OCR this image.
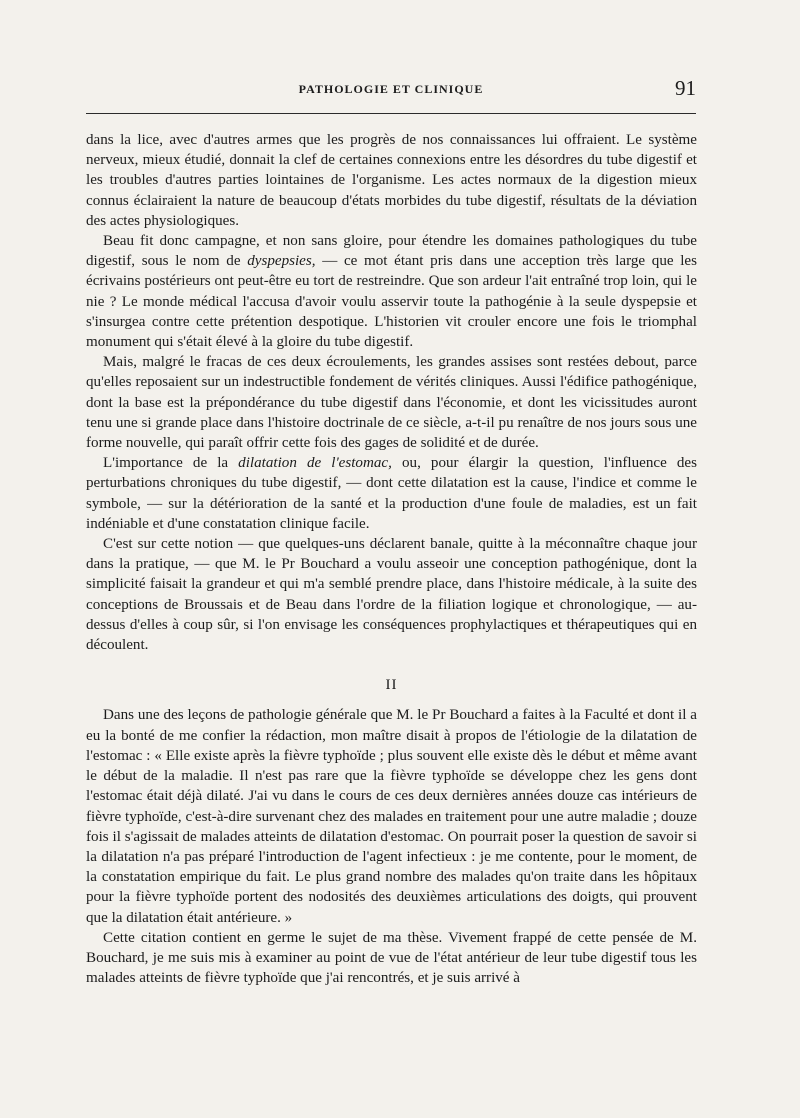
PATHOLOGIE ET CLINIQUE	91

dans la lice, avec d'autres armes que les progrès de nos connaissances lui offraient. Le système nerveux, mieux étudié, donnait la clef de certaines connexions entre les désordres du tube digestif et les troubles d'autres parties lointaines de l'organisme. Les actes normaux de la digestion mieux connus éclairaient la nature de beaucoup d'états morbides du tube digestif, résultats de la déviation des actes physiologiques.

Beau fit donc campagne, et non sans gloire, pour étendre les domaines pathologiques du tube digestif, sous le nom de dyspepsies, — ce mot étant pris dans une acception très large que les écrivains postérieurs ont peut-être eu tort de restreindre. Que son ardeur l'ait entraîné trop loin, qui le nie ? Le monde médical l'accusa d'avoir voulu asservir toute la pathogénie à la seule dyspepsie et s'insurgea contre cette prétention despotique. L'historien vit crouler encore une fois le triomphal monument qui s'était élevé à la gloire du tube digestif.

Mais, malgré le fracas de ces deux écroulements, les grandes assises sont restées debout, parce qu'elles reposaient sur un indestructible fondement de vérités cliniques. Aussi l'édifice pathogénique, dont la base est la prépondérance du tube digestif dans l'économie, et dont les vicissitudes auront tenu une si grande place dans l'histoire doctrinale de ce siècle, a-t-il pu renaître de nos jours sous une forme nouvelle, qui paraît offrir cette fois des gages de solidité et de durée.

L'importance de la dilatation de l'estomac, ou, pour élargir la question, l'influence des perturbations chroniques du tube digestif, — dont cette dilatation est la cause, l'indice et comme le symbole, — sur la détérioration de la santé et la production d'une foule de maladies, est un fait indéniable et d'une constatation clinique facile.

C'est sur cette notion — que quelques-uns déclarent banale, quitte à la méconnaître chaque jour dans la pratique, — que M. le Pr Bouchard a voulu asseoir une conception pathogénique, dont la simplicité faisait la grandeur et qui m'a semblé prendre place, dans l'histoire médicale, à la suite des conceptions de Broussais et de Beau dans l'ordre de la filiation logique et chronologique, — au-dessus d'elles à coup sûr, si l'on envisage les conséquences prophylactiques et thérapeutiques qui en découlent.

II

Dans une des leçons de pathologie générale que M. le Pr Bouchard a faites à la Faculté et dont il a eu la bonté de me confier la rédaction, mon maître disait à propos de l'étiologie de la dilatation de l'estomac : « Elle existe après la fièvre typhoïde ; plus souvent elle existe dès le début et même avant le début de la maladie. Il n'est pas rare que la fièvre typhoïde se développe chez les gens dont l'estomac était déjà dilaté. J'ai vu dans le cours de ces deux dernières années douze cas intérieurs de fièvre typhoïde, c'est-à-dire survenant chez des malades en traitement pour une autre maladie ; douze fois il s'agissait de malades atteints de dilatation d'estomac. On pourrait poser la question de savoir si la dilatation n'a pas préparé l'introduction de l'agent infectieux : je me contente, pour le moment, de la constatation empirique du fait. Le plus grand nombre des malades qu'on traite dans les hôpitaux pour la fièvre typhoïde portent des nodosités des deuxièmes articulations des doigts, qui prouvent que la dilatation était antérieure. »

Cette citation contient en germe le sujet de ma thèse. Vivement frappé de cette pensée de M. Bouchard, je me suis mis à examiner au point de vue de l'état antérieur de leur tube digestif tous les malades atteints de fièvre typhoïde que j'ai rencontrés, et je suis arrivé à
